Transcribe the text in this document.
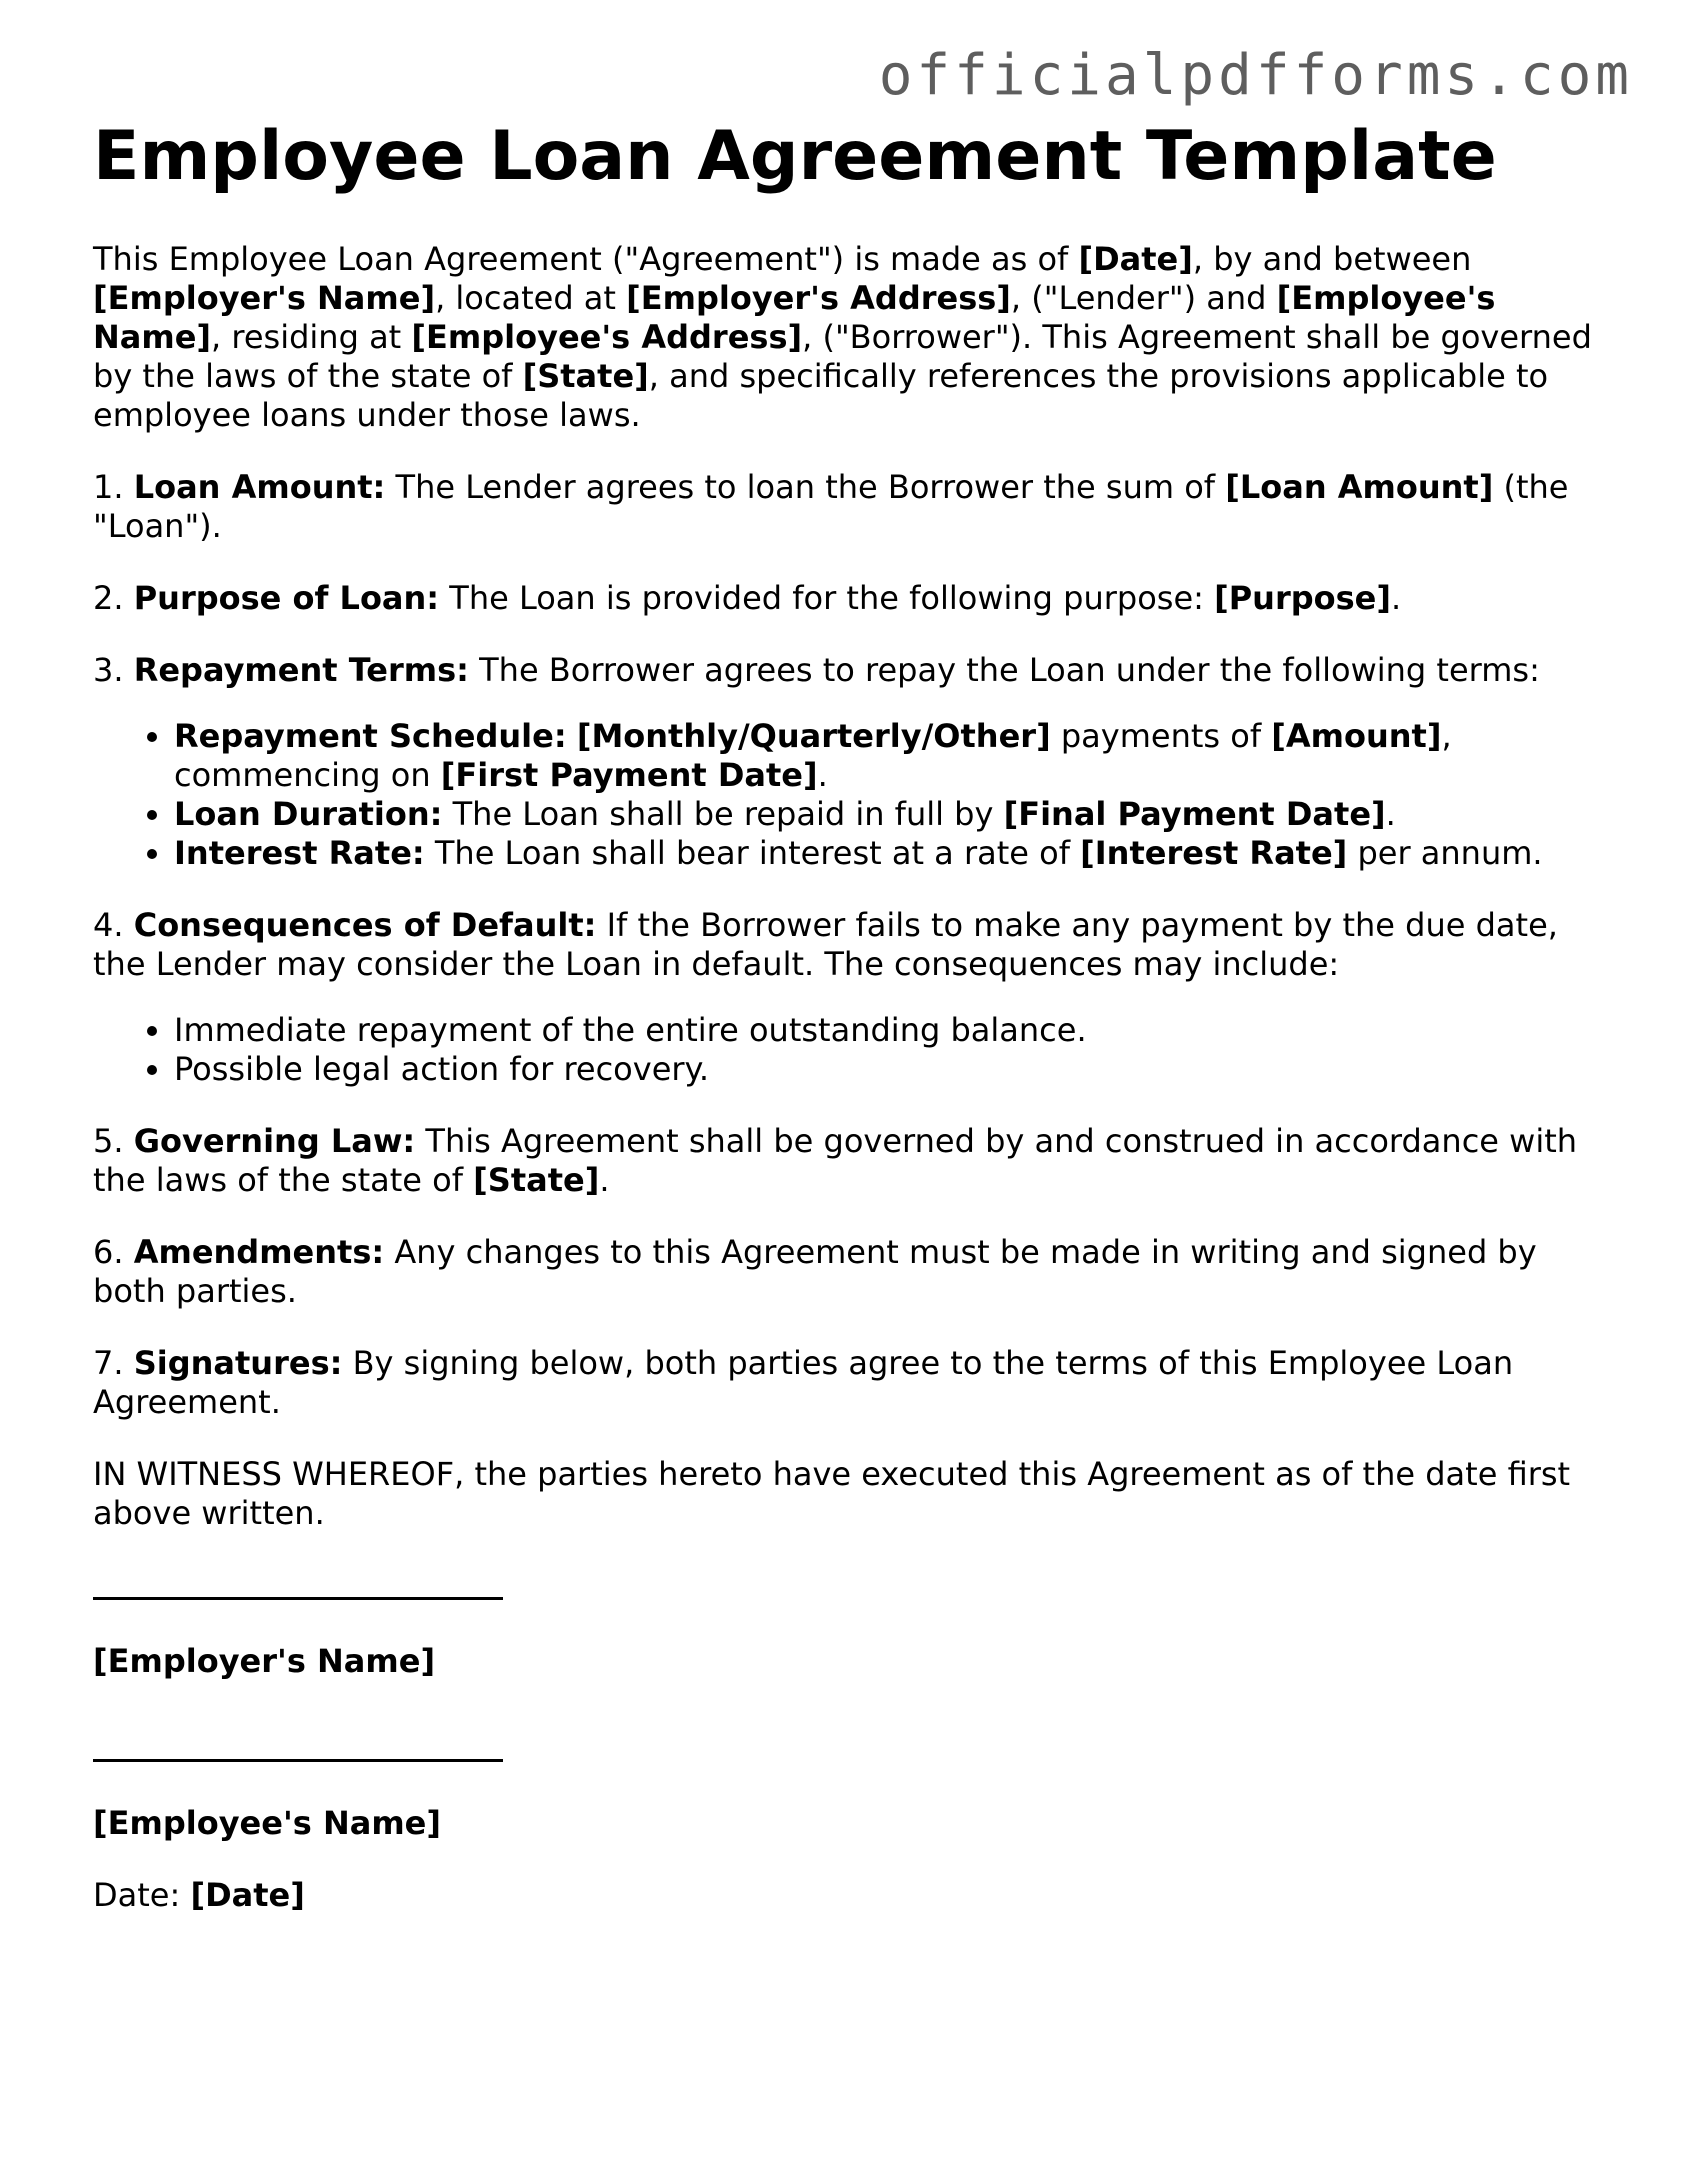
officialpdfforms.com

Employee Loan Agreement Template

This Employee Loan Agreement ("Agreement") is made as of [Date], by and between [Employer's Name], located at [Employer's Address], ("Lender") and [Employee's Name], residing at [Employee's Address], ("Borrower"). This Agreement shall be governed by the laws of the state of [State], and specifically references the provisions applicable to employee loans under those laws.

1. Loan Amount: The Lender agrees to loan the Borrower the sum of [Loan Amount] (the "Loan").

2. Purpose of Loan: The Loan is provided for the following purpose: [Purpose].

3. Repayment Terms: The Borrower agrees to repay the Loan under the following terms:

• Repayment Schedule: [Monthly/Quarterly/Other] payments of [Amount], commencing on [First Payment Date].
• Loan Duration: The Loan shall be repaid in full by [Final Payment Date].
• Interest Rate: The Loan shall bear interest at a rate of [Interest Rate] per annum.

4. Consequences of Default: If the Borrower fails to make any payment by the due date, the Lender may consider the Loan in default. The consequences may include:

• Immediate repayment of the entire outstanding balance.
• Possible legal action for recovery.

5. Governing Law: This Agreement shall be governed by and construed in accordance with the laws of the state of [State].

6. Amendments: Any changes to this Agreement must be made in writing and signed by both parties.

7. Signatures: By signing below, both parties agree to the terms of this Employee Loan Agreement.

IN WITNESS WHEREOF, the parties hereto have executed this Agreement as of the date first above written.

[Employer's Name]

[Employee's Name]

Date: [Date]
